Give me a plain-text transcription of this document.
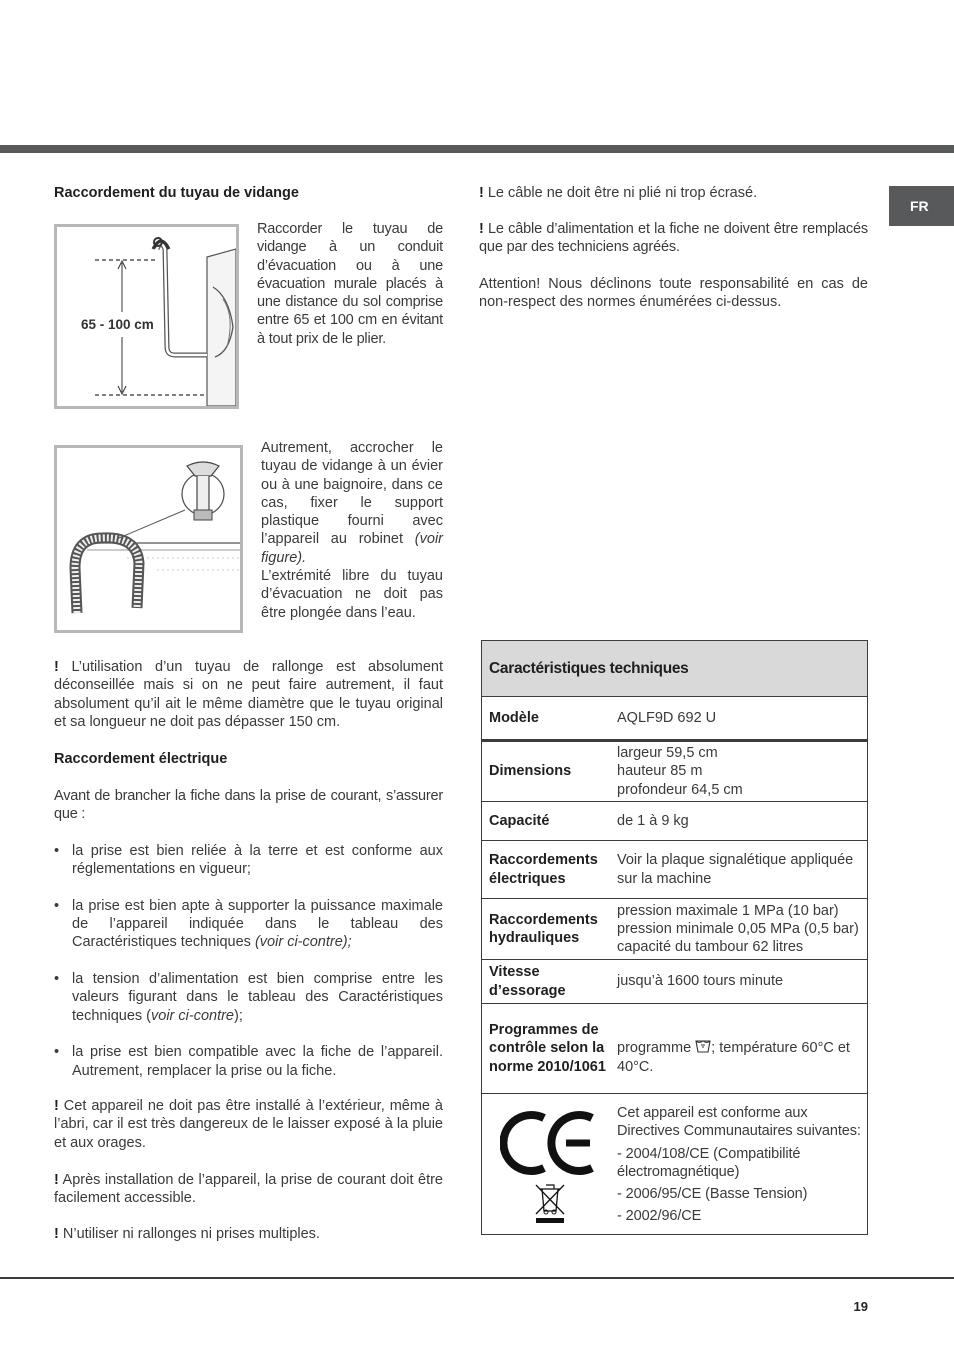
FR
Raccordement du tuyau de vidange
65 - 100 cm
Raccorder le tuyau de vidange à un conduit d’évacuation ou à une évacuation murale placés à une distance du sol comprise entre 65 et 100 cm en évitant à tout prix de le plier.
Autrement, accrocher le tuyau de vidange à un évier ou à une baignoire, dans ce cas, fixer le support plastique fourni avec l’appareil au robinet (voir figure).
L’extrémité libre du tuyau d’évacuation ne doit pas être plongée dans l’eau.
! L’utilisation d’un tuyau de rallonge est absolument déconseillée mais si on ne peut faire autrement, il faut absolument qu’il ait le même diamètre que le tuyau original et sa longueur ne doit pas dépasser 150 cm.
Raccordement électrique
Avant de brancher la fiche dans la prise de courant, s’assurer que :
• la prise est bien reliée à la terre et est conforme aux réglementations en vigueur;
• la prise est bien apte à supporter la puissance maximale de l’appareil indiquée dans le tableau des Caractéristiques techniques (voir ci-contre);
• la tension d’alimentation est bien comprise entre les valeurs figurant dans le tableau des Caractéristiques techniques (voir ci-contre);
• la prise est bien compatible avec la fiche de l’appareil. Autrement, remplacer la prise ou la fiche.
! Cet appareil ne doit pas être installé à l’extérieur, même à l’abri, car il est très dangereux de le laisser exposé à la pluie et aux orages.
! Après installation de l’appareil, la prise de courant doit être facilement accessible.
! N’utiliser ni rallonges ni prises multiples.
! Le câble ne doit être ni plié ni trop écrasé.
! Le câble d’alimentation et la fiche ne doivent être remplacés que par des techniciens agréés.
Attention! Nous déclinons toute responsabilité en cas de non-respect des normes énumérées ci-dessus.
Caractéristiques techniques
Modèle	AQLF9D 692 U
Dimensions
largeur 59,5 cm
hauteur 85 m
profondeur 64,5 cm
Capacité	de 1 à 9 kg
Raccordements électriques
Voir la plaque signalétique appliquée sur la machine
Raccordements hydrauliques
pression maximale 1 MPa (10 bar)
pression minimale 0,05 MPa (0,5 bar) capacité du tambour 62 litres
Vitesse d’essorage
jusqu’à 1600 tours minute
Programmes de contrôle selon la norme 2010/1061

programme ; température 60°C et 40°C.

Cet appareil est conforme aux Directives Communautaires suivantes:
- 2004/108/CE (Compatibilité électromagnétique)
- 2006/95/CE (Basse Tension)
- 2002/96/CE
19
